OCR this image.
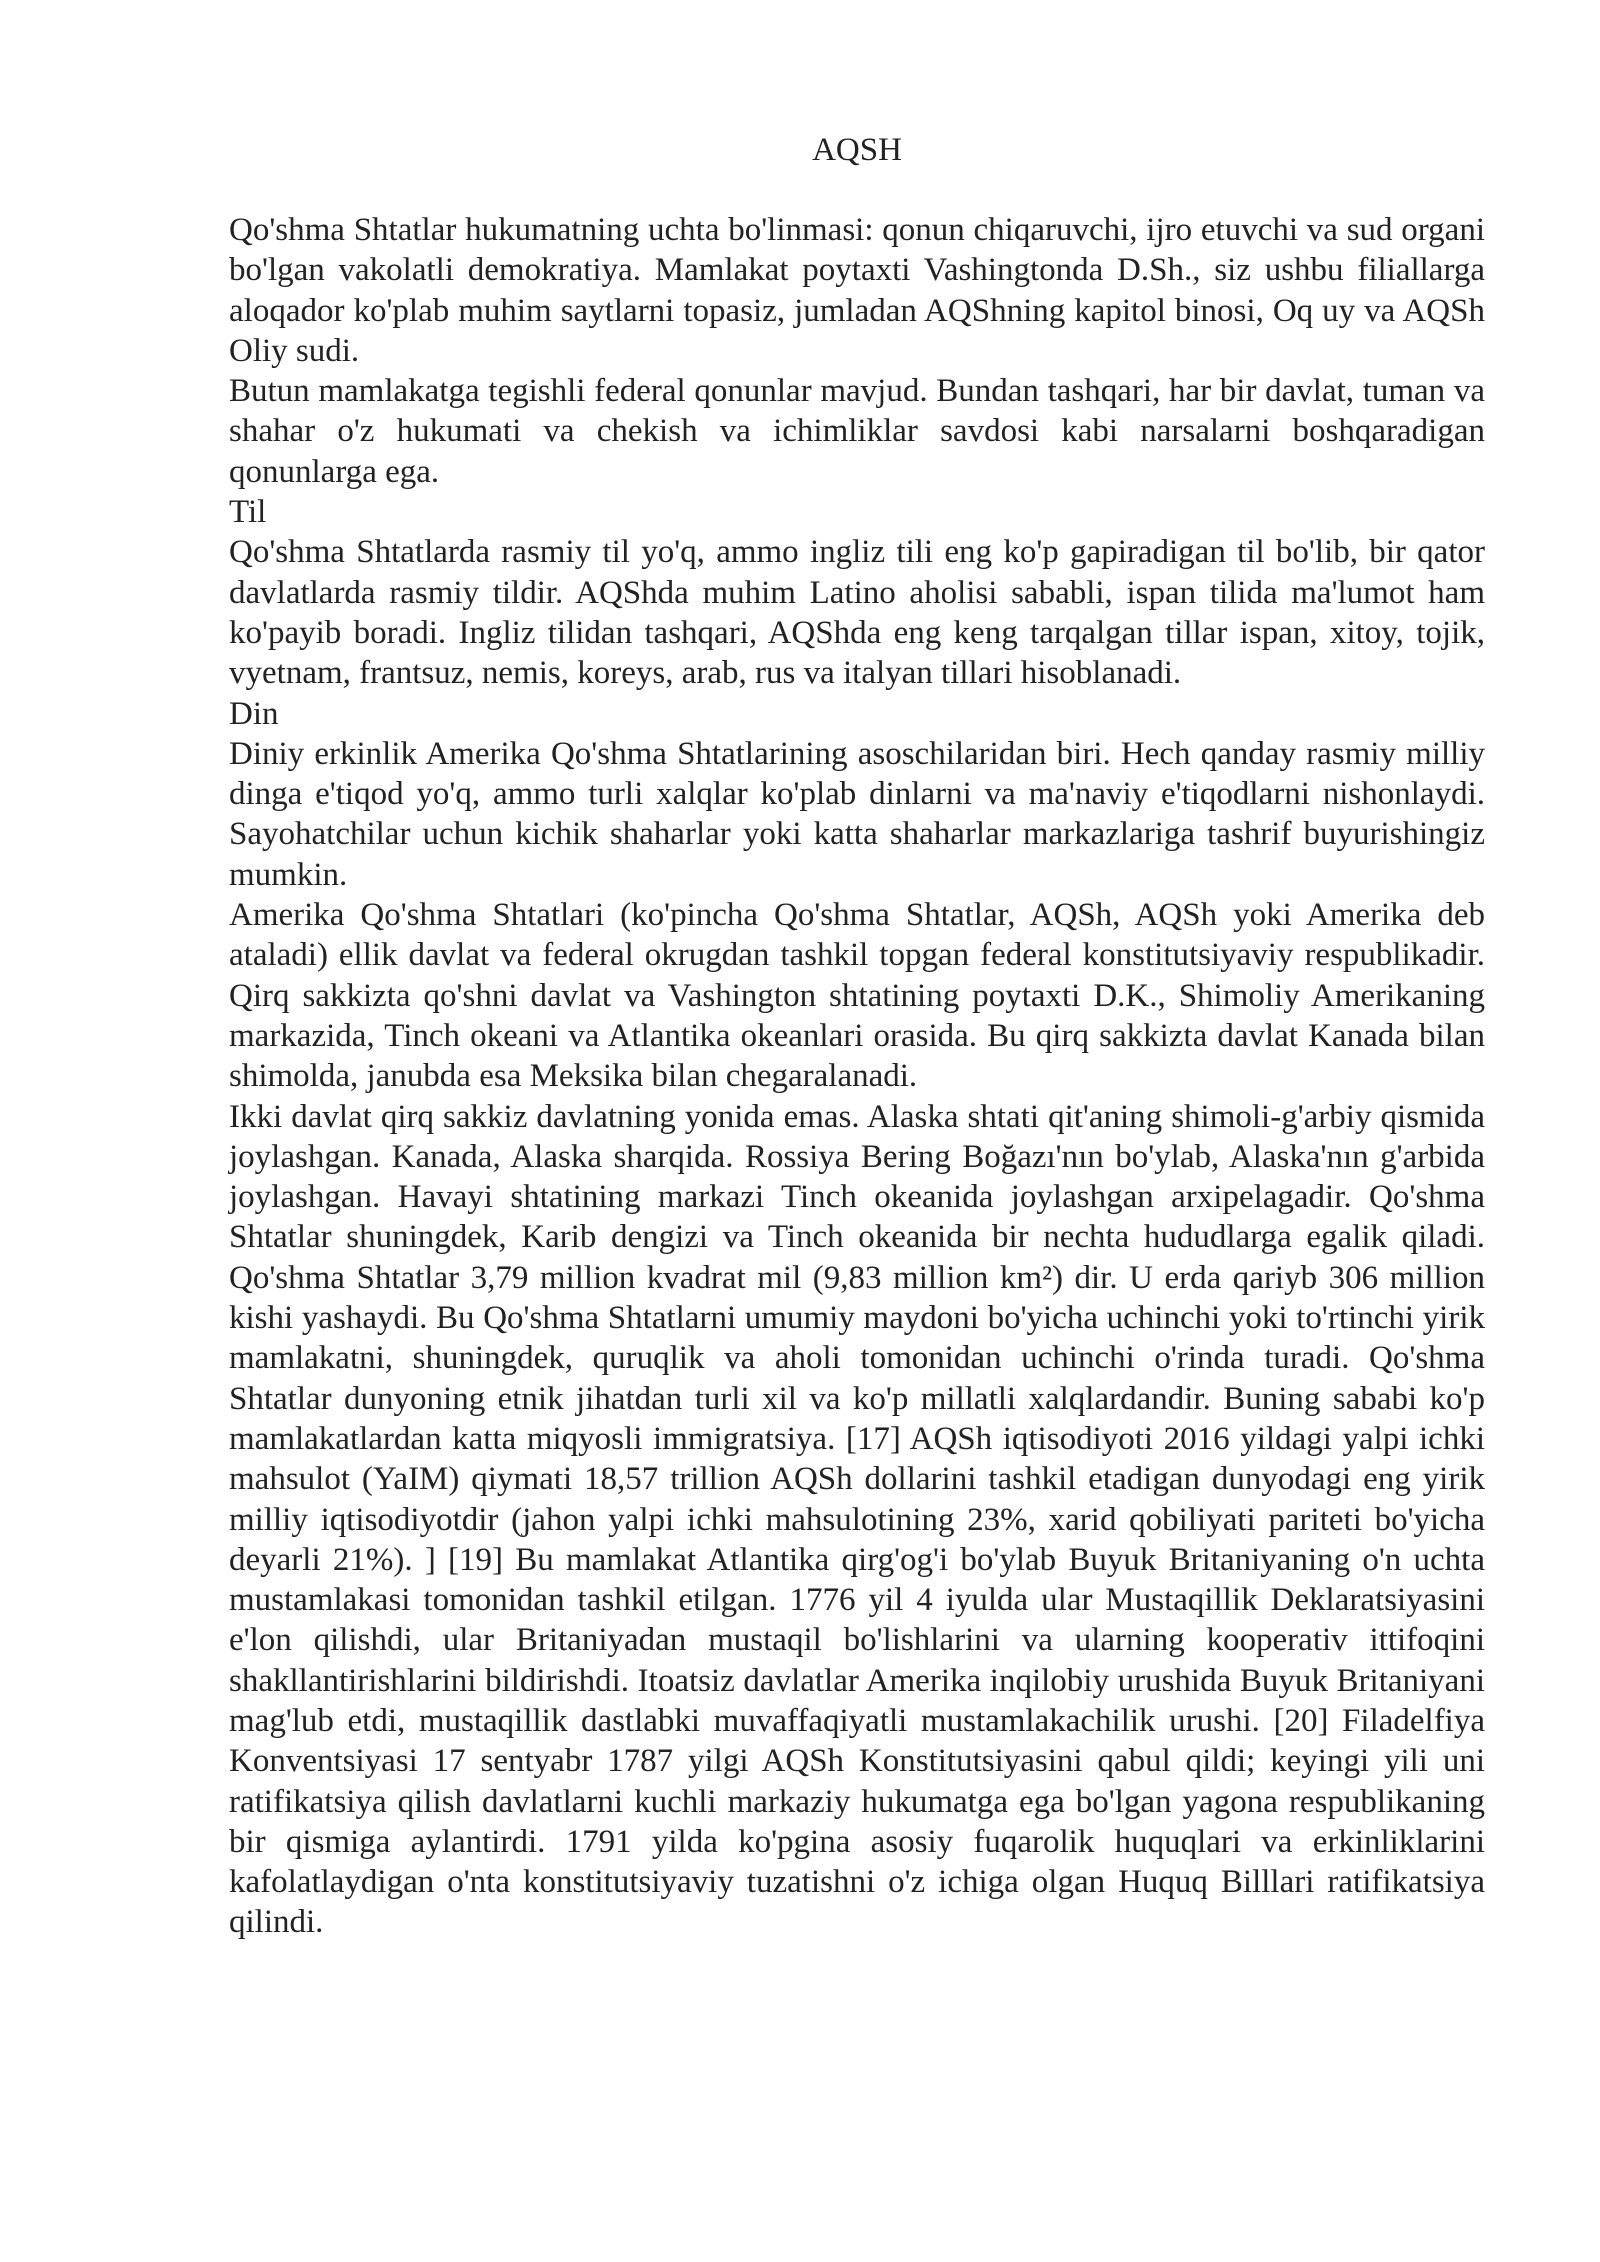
AQSH

Qo'shma Shtatlar hukumatning uchta bo'linmasi: qonun chiqaruvchi, ijro etuvchi va sud organi bo'lgan vakolatli demokratiya. Mamlakat poytaxti Vashingtonda D.Sh., siz ushbu filiallarga aloqador ko'plab muhim saytlarni topasiz, jumladan AQShning kapitol binosi, Oq uy va AQSh Oliy sudi.

Butun mamlakatga tegishli federal qonunlar mavjud. Bundan tashqari, har bir davlat, tuman va shahar o'z hukumati va chekish va ichimliklar savdosi kabi narsalarni boshqaradigan qonunlarga ega.

Til

Qo'shma Shtatlarda rasmiy til yo'q, ammo ingliz tili eng ko'p gapiradigan til bo'lib, bir qator davlatlarda rasmiy tildir. AQShda muhim Latino aholisi sababli, ispan tilida ma'lumot ham ko'payib boradi. Ingliz tilidan tashqari, AQShda eng keng tarqalgan tillar ispan, xitoy, tojik, vyetnam, frantsuz, nemis, koreys, arab, rus va italyan tillari hisoblanadi.

Din

Diniy erkinlik Amerika Qo'shma Shtatlarining asoschilaridan biri. Hech qanday rasmiy milliy dinga e'tiqod yo'q, ammo turli xalqlar ko'plab dinlarni va ma'naviy e'tiqodlarni nishonlaydi. Sayohatchilar uchun kichik shaharlar yoki katta shaharlar markazlariga tashrif buyurishingiz mumkin.

Amerika Qo'shma Shtatlari (ko'pincha Qo'shma Shtatlar, AQSh, AQSh yoki Amerika deb ataladi) ellik davlat va federal okrugdan tashkil topgan federal konstitutsiyaviy respublikadir. Qirq sakkizta qo'shni davlat va Vashington shtatining poytaxti D.K., Shimoliy Amerikaning markazida, Tinch okeani va Atlantika okeanlari orasida. Bu qirq sakkizta davlat Kanada bilan shimolda, janubda esa Meksika bilan chegaralanadi.

Ikki davlat qirq sakkiz davlatning yonida emas. Alaska shtati qit'aning shimoli-g'arbiy qismida joylashgan. Kanada, Alaska sharqida. Rossiya Bering Boğazı'nın bo'ylab, Alaska'nın g'arbida joylashgan. Havayi shtatining markazi Tinch okeanida joylashgan arxipelagadir. Qo'shma Shtatlar shuningdek, Karib dengizi va Tinch okeanida bir nechta hududlarga egalik qiladi. Qo'shma Shtatlar 3,79 million kvadrat mil (9,83 million km²) dir. U erda qariyb 306 million kishi yashaydi. Bu Qo'shma Shtatlarni umumiy maydoni bo'yicha uchinchi yoki to'rtinchi yirik mamlakatni, shuningdek, quruqlik va aholi tomonidan uchinchi o'rinda turadi. Qo'shma Shtatlar dunyoning etnik jihatdan turli xil va ko'p millatli xalqlardandir. Buning sababi ko'p mamlakatlardan katta miqyosli immigratsiya. [17] AQSh iqtisodiyoti 2016 yildagi yalpi ichki mahsulot (YaIM) qiymati 18,57 trillion AQSh dollarini tashkil etadigan dunyodagi eng yirik milliy iqtisodiyotdir (jahon yalpi ichki mahsulotining 23%, xarid qobiliyati pariteti bo'yicha deyarli 21%). ] [19] Bu mamlakat Atlantika qirg'og'i bo'ylab Buyuk Britaniyaning o'n uchta mustamlakasi tomonidan tashkil etilgan. 1776 yil 4 iyulda ular Mustaqillik Deklaratsiyasini e'lon qilishdi, ular Britaniyadan mustaqil bo'lishlarini va ularning kooperativ ittifoqini shakllantirishlarini bildirishdi. Itoatsiz davlatlar Amerika inqilobiy urushida Buyuk Britaniyani mag'lub etdi, mustaqillik dastlabki muvaffaqiyatli mustamlakachilik urushi. [20] Filadelfiya Konventsiyasi 17 sentyabr 1787 yilgi AQSh Konstitutsiyasini qabul qildi; keyingi yili uni ratifikatsiya qilish davlatlarni kuchli markaziy hukumatga ega bo'lgan yagona respublikaning bir qismiga aylantirdi. 1791 yilda ko'pgina asosiy fuqarolik huquqlari va erkinliklarini kafolatlaydigan o'nta konstitutsiyaviy tuzatishni o'z ichiga olgan Huquq Billlari ratifikatsiya qilindi.
